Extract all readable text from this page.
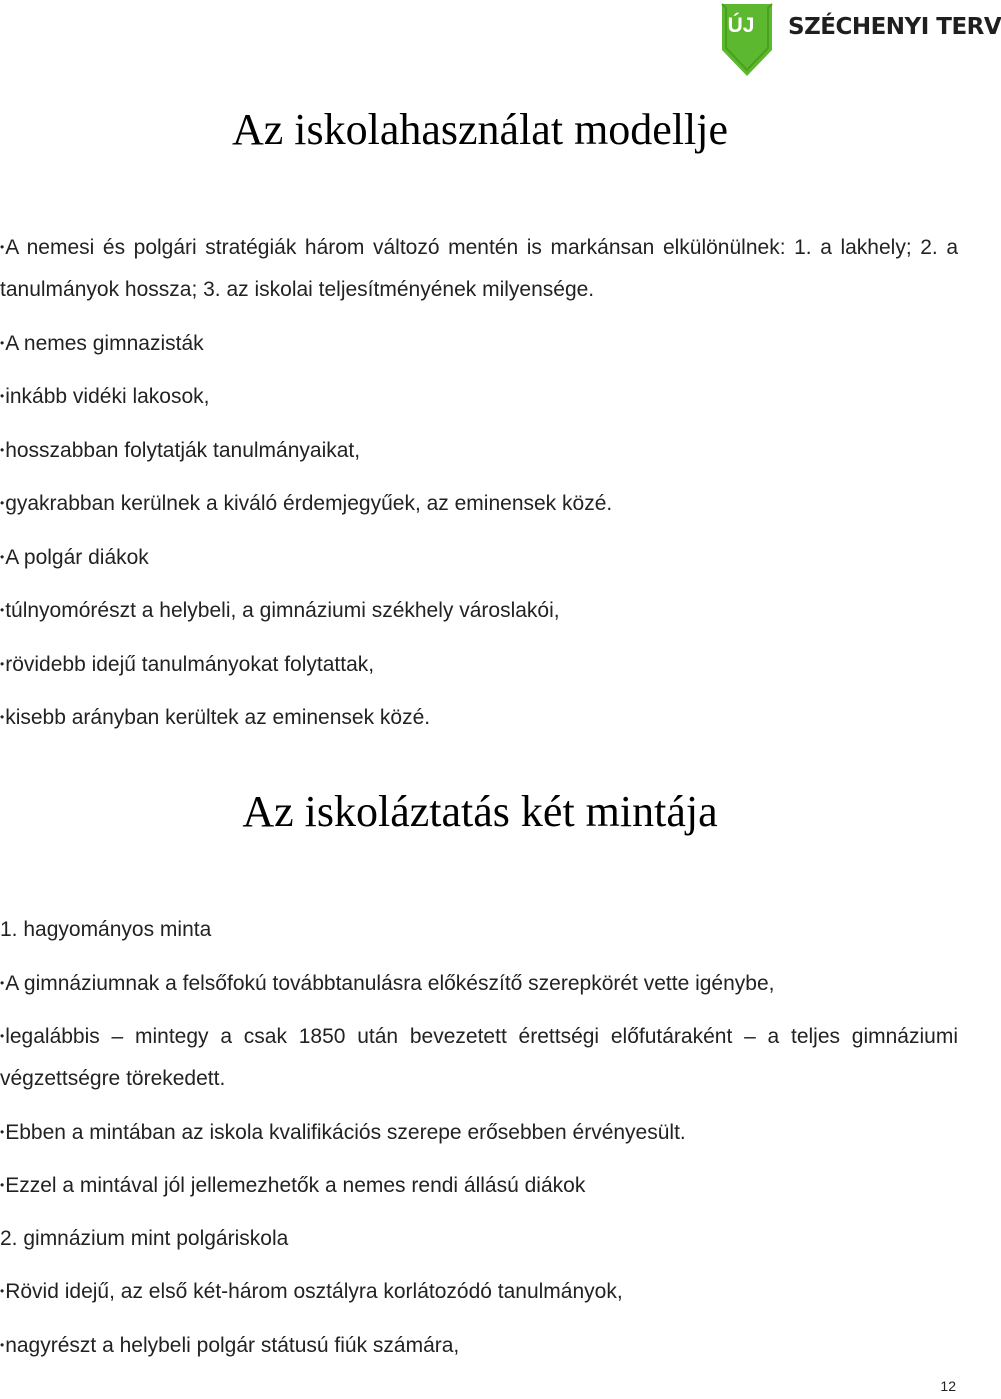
ÚJ	SZÉCHENYI TERV
Az iskolahasználat modellje

• A nemesi és polgári stratégiák három változó mentén is markánsan elkülönülnek: 1. a lakhely; 2. a tanulmányok hossza; 3. az iskolai teljesítményének milyensége.

• A nemes gimnazisták

• inkább vidéki lakosok,

• hosszabban folytatják tanulmányaikat,

• gyakrabban kerülnek a kiváló érdemjegyűek, az eminensek közé.

• A polgár diákok

• túlnyomórészt a helybeli, a gimnáziumi székhely városlakói,

• rövidebb idejű tanulmányokat folytattak,

• kisebb arányban kerültek az eminensek közé.

Az iskoláztatás két mintája

1. hagyományos minta

• A gimnáziumnak a felsőfokú továbbtanulásra előkészítő szerepkörét vette igénybe,

• legalábbis – mintegy a csak 1850 után bevezetett érettségi előfutáraként – a teljes gimnáziumi végzettségre törekedett.

• Ebben a mintában az iskola kvalifikációs szerepe erősebben érvényesült.

• Ezzel a mintával jól jellemezhetők a nemes rendi állású diákok

2. gimnázium mint polgáriskola

• Rövid idejű, az első két-három osztályra korlátozódó tanulmányok,

• nagyrészt a helybeli polgár státusú fiúk számára,

12
